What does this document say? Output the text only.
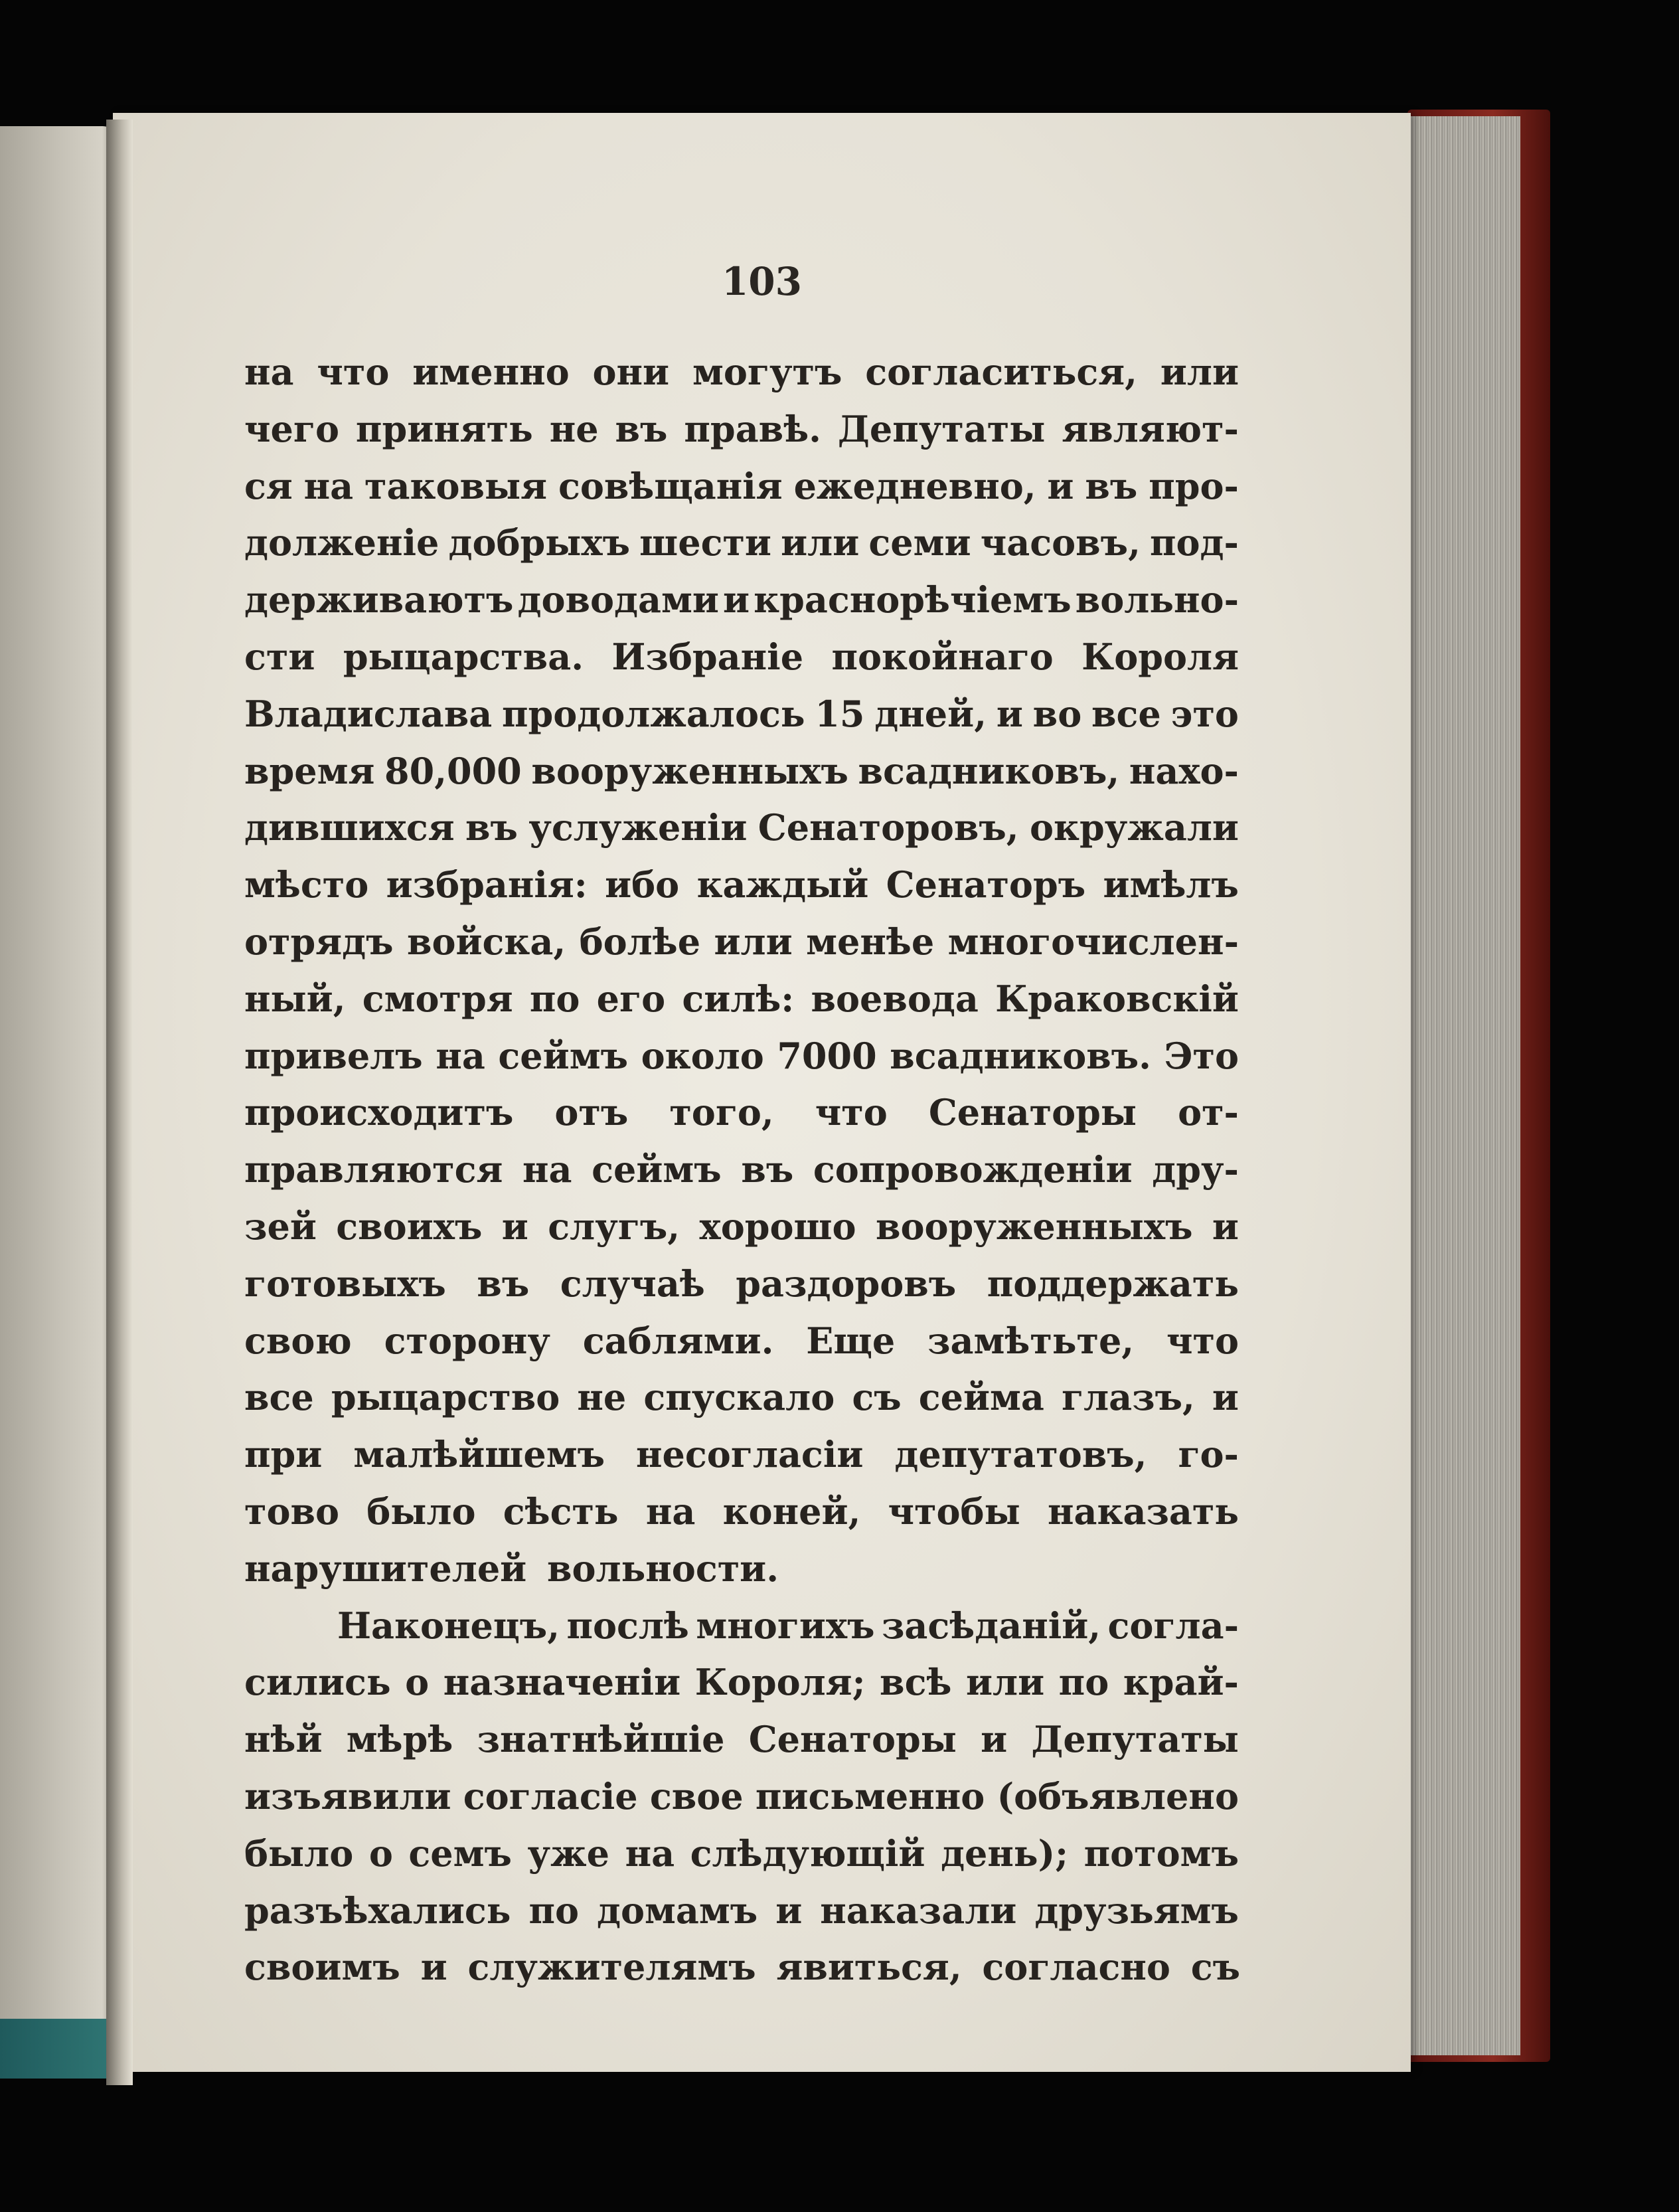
103
на что именно они могутъ согласиться, или
чего принять не въ правѣ. Депутаты являют-
ся на таковыя совѣщанія ежедневно, и въ про-
долженіе добрыхъ шести или семи часовъ, под-
держиваютъ доводами и краснорѣчіемъ вольно-
сти рыцарства. Избраніе покойнаго Короля
Владислава продолжалось 15 дней, и во все это
время 80,000 вооруженныхъ всадниковъ, нахо-
дившихся въ услуженіи Сенаторовъ, окружали
мѣсто избранія: ибо каждый Сенаторъ имѣлъ
отрядъ войска, болѣе или менѣе многочислен-
ный, смотря по его силѣ: воевода Краковскій
привелъ на сеймъ около 7000 всадниковъ. Это
происходитъ отъ того, что Сенаторы от-
правляются на сеймъ въ сопровожденіи дру-
зей своихъ и слугъ, хорошо вооруженныхъ и
готовыхъ въ случаѣ раздоровъ поддержать
свою сторону саблями. Еще замѣтьте, что
все рыцарство не спускало съ сейма глазъ, и
при малѣйшемъ несогласіи депутатовъ, го-
тово было сѣсть на коней, чтобы наказать
нарушителей вольности.
Наконецъ, послѣ многихъ засѣданій, согла-
сились о назначеніи Короля; всѣ или по край-
нѣй мѣрѣ знатнѣйшіе Сенаторы и Депутаты
изъявили согласіе свое письменно (объявлено
было о семъ уже на слѣдующій день); потомъ
разъѣхались по домамъ и наказали друзьямъ
своимъ и служителямъ явиться, согласно съ
